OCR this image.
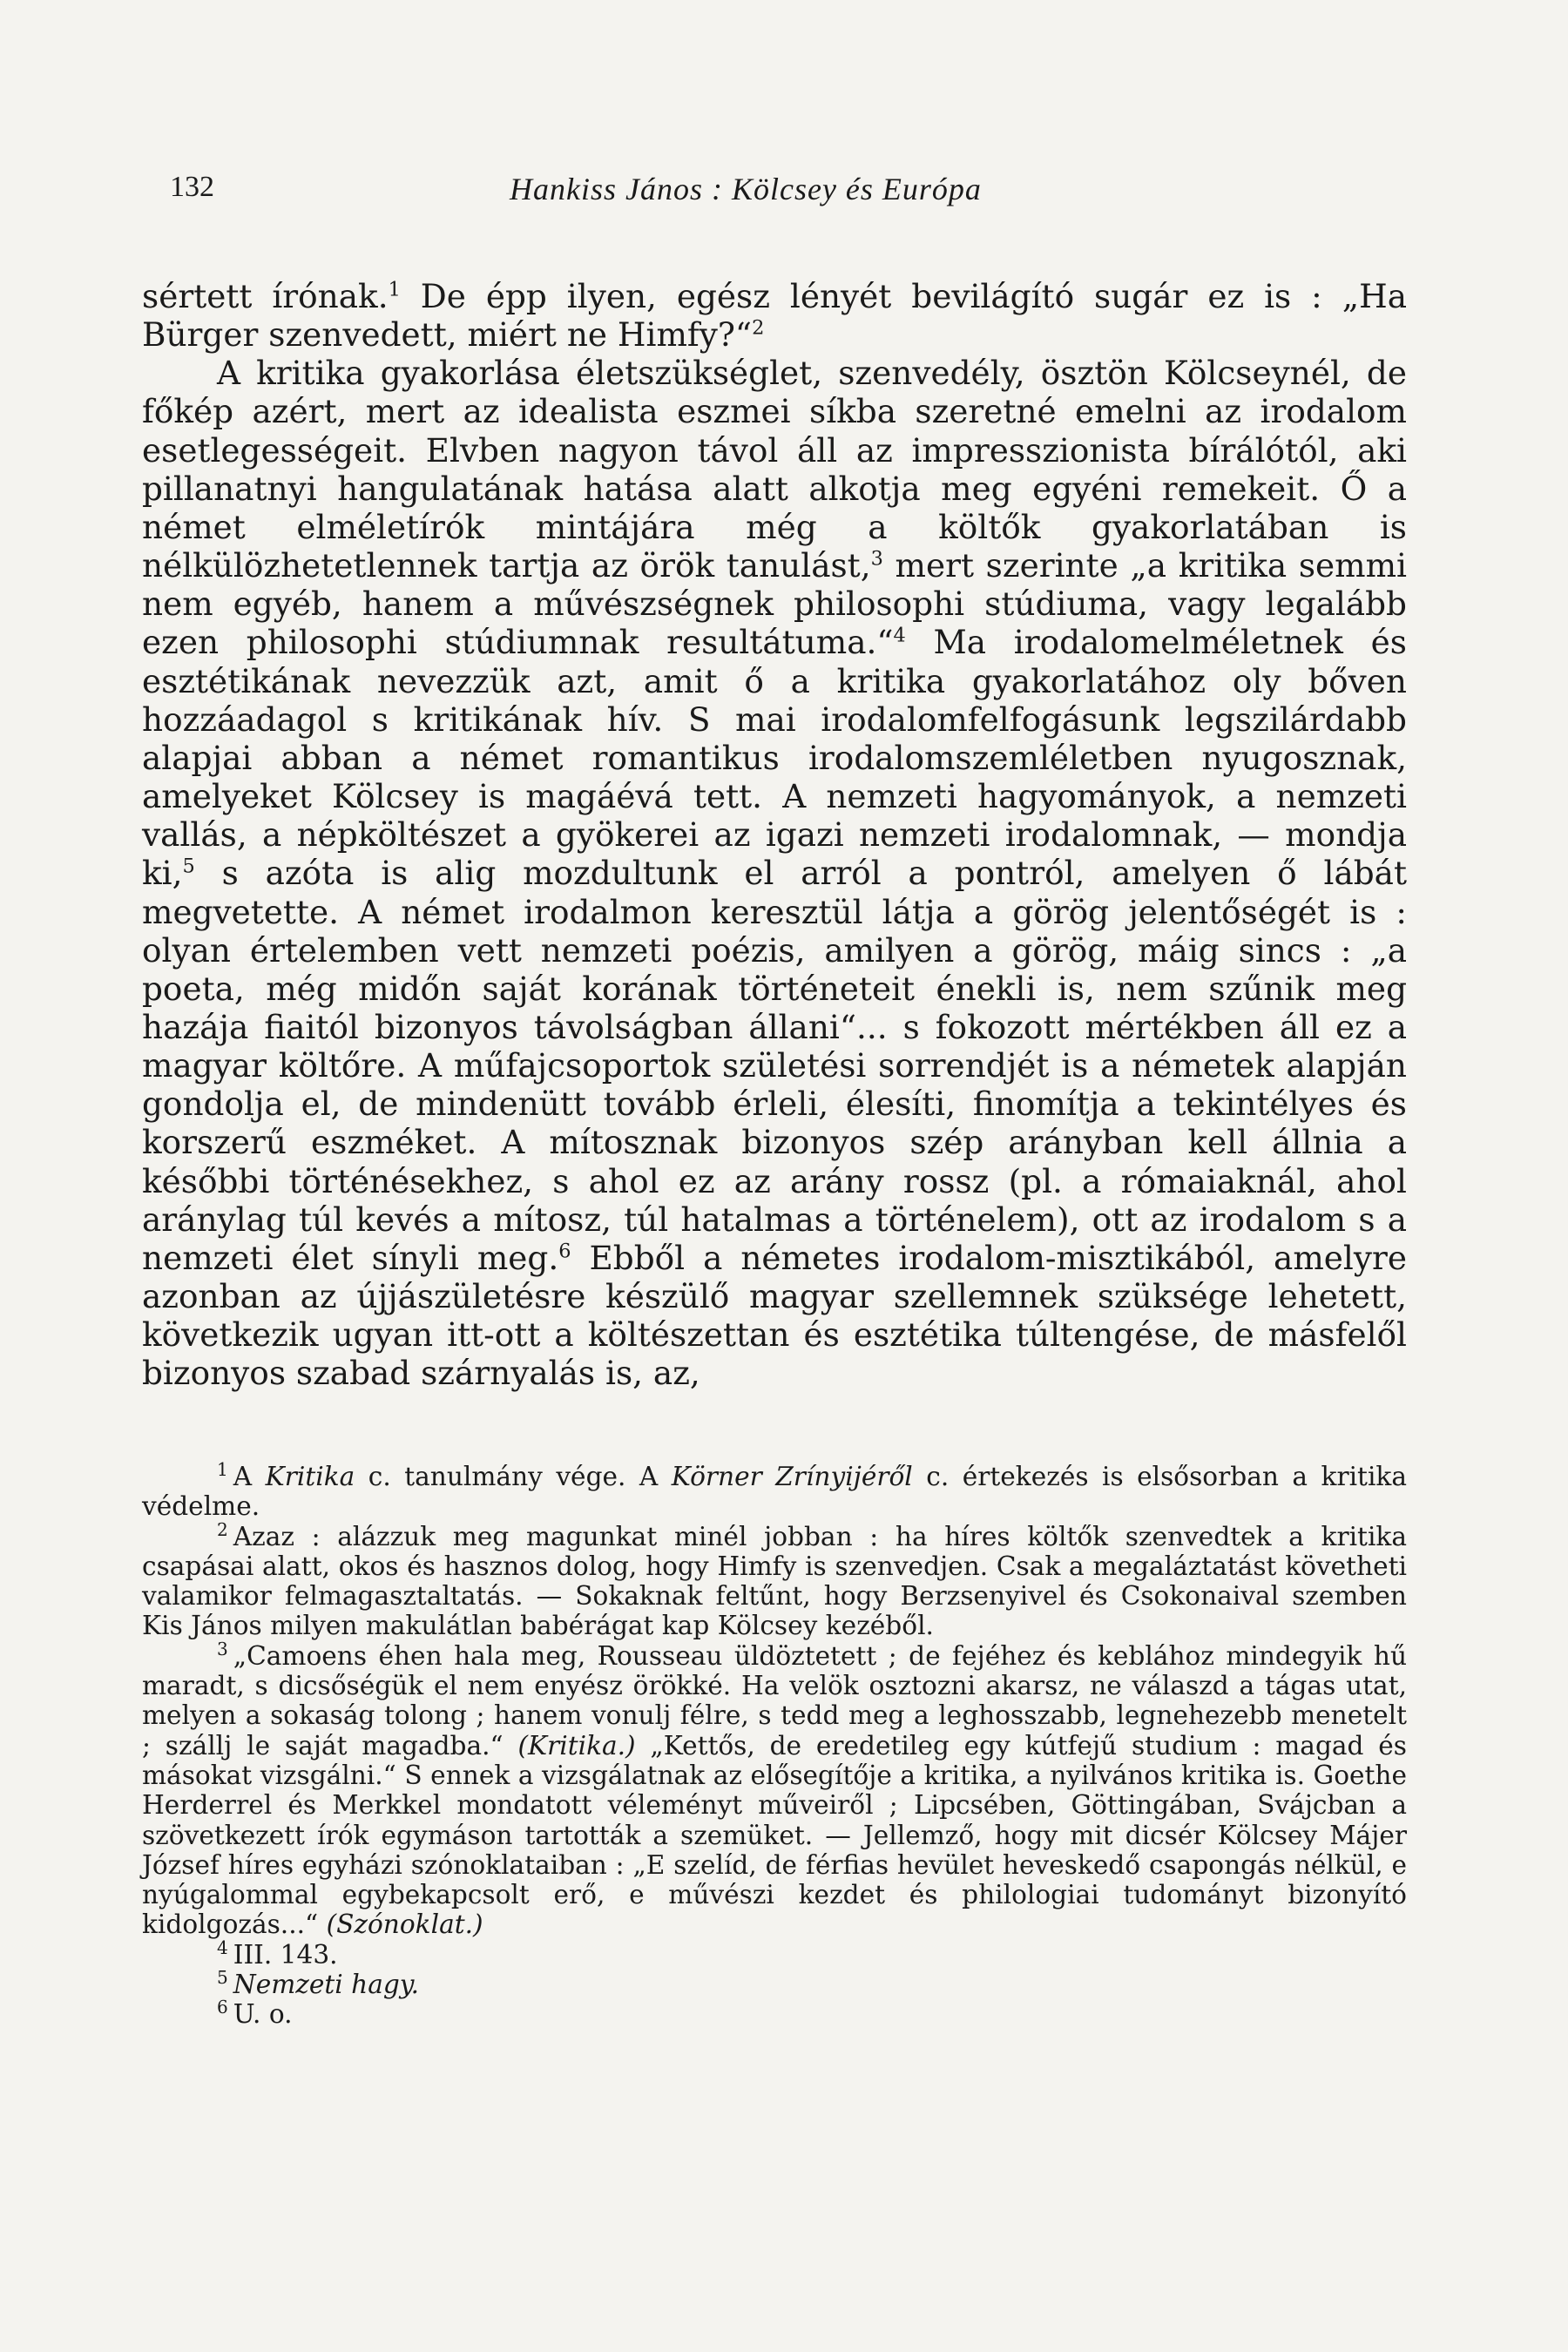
132	Hankiss János : Kölcsey és Európa

sértett írónak.$^1$ De épp ilyen, egész lényét bevilágító sugár ez is : „Ha Bürger szenvedett, miért ne Himfy?“$^2$

A kritika gyakorlása életszükséglet, szenvedély, ösztön Kölcseynél, de főkép azért, mert az idealista eszmei síkba szeretné emelni az irodalom esetlegességeit. Elvben nagyon távol áll az impresszionista bírálótól, aki pillanatnyi hangulatának hatása alatt alkotja meg egyéni remekeit. Ő a német elméletírók mintájára még a költők gyakorlatában is nélkülözhetetlennek tartja az örök tanulást,$^3$ mert szerinte „a kritika semmi nem egyéb, hanem a művészségnek philosophi stúdiuma, vagy legalább ezen philosophi stúdiumnak resultátuma.“$^4$ Ma irodalomelméletnek és esztétikának nevezzük azt, amit ő a kritika gyakorlatához oly bőven hozzáadagol s kritikának hív. S mai irodalomfelfogásunk legszilárdabb alapjai abban a német romantikus irodalomszemléletben nyugosznak, amelyeket Kölcsey is magáévá tett. A nemzeti hagyományok, a nemzeti vallás, a népköltészet a gyökerei az igazi nemzeti irodalomnak, — mondja ki,$^5$ s azóta is alig mozdultunk el arról a pontról, amelyen ő lábát megvetette. A német irodalmon keresztül látja a görög jelentőségét is : olyan értelemben vett nemzeti poézis, amilyen a görög, máig sincs : „a poeta, még midőn saját korának történeteit énekli is, nem szűnik meg hazája fiaitól bizonyos távolságban állani“... s fokozott mértékben áll ez a magyar költőre. A műfajcsoportok születési sorrendjét is a németek alapján gondolja el, de mindenütt tovább érleli, élesíti, finomítja a tekintélyes és korszerű eszméket. A mítosznak bizonyos szép arányban kell állnia a későbbi történésekhez, s ahol ez az arány rossz (pl. a rómaiaknál, ahol aránylag túl kevés a mítosz, túl hatalmas a történelem), ott az irodalom s a nemzeti élet sínyli meg.$^6$ Ebből a németes irodalom-misztikából, amelyre azonban az újjászületésre készülő magyar szellemnek szüksége lehetett, következik ugyan itt-ott a költészettan és esztétika túltengése, de másfelől bizonyos szabad szárnyalás is, az,

$^1$ A Kritika c. tanulmány vége. A Körner Zrínyijéről c. értekezés is elsősorban a kritika védelme.

$^2$ Azaz : alázzuk meg magunkat minél jobban : ha híres költők szenvedtek a kritika csapásai alatt, okos és hasznos dolog, hogy Himfy is szenvedjen. Csak a megaláztatást követheti valamikor felmagasztaltatás. — Sokaknak feltűnt, hogy Berzsenyivel és Csokonaival szemben Kis János milyen makulátlan babérágat kap Kölcsey kezéből.

$^3$ „Camoens éhen hala meg, Rousseau üldöztetett ; de fejéhez és keblához mindegyik hű maradt, s dicsőségük el nem enyész örökké. Ha velök osztozni akarsz, ne válaszd a tágas utat, melyen a sokaság tolong ; hanem vonulj félre, s tedd meg a leghosszabb, legnehezebb menetelt ; szállj le saját magadba.“ (Kritika.) „Kettős, de eredetileg egy kútfejű studium : magad és másokat vizsgálni.“ S ennek a vizsgálatnak az elősegítője a kritika, a nyilvános kritika is. Goethe Herderrel és Merkkel mondatott véleményt műveiről ; Lipcsében, Göttingában, Svájcban a szövetkezett írók egymáson tartották a szemüket. — Jellemző, hogy mit dicsér Kölcsey Májer József híres egyházi szónoklataiban : „E szelíd, de férfias hevület heveskedő csapongás nélkül, e nyúgalommal egybekapcsolt erő, e művészi kezdet és philologiai tudományt bizonyító kidolgozás...“ (Szónoklat.)

$^4$ III. 143.

$^5$ Nemzeti hagy.

$^6$ U. o.
